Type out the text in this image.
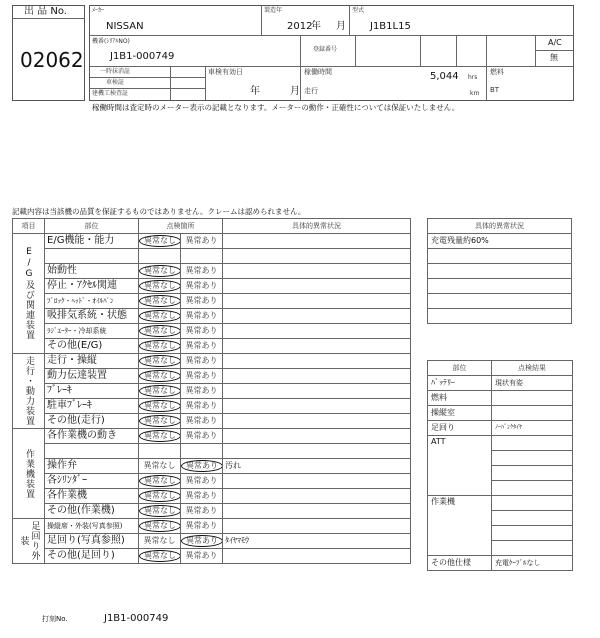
出 品 No.
02062
ﾒｰｶｰ
NISSAN
製造年
2012
年 月
型式
J1B1L15
機番(ｼﾘｱﾙNO)
J1B1-000749
登録番号
A/C
無
一時抹消証
車検証
建機工検査証
車検有効日
年	月
稼働時間	5,044 hrs
走行	km
燃料
BT
稼働時間は査定時のメーター表示の記載となります。メーターの動作・正確性については保証いたしません。
記載内容は当該機の品質を保証するものではありません。クレームは認められません。
項目	部位	点検箇所		具体的異常状況
E/G及び関連装置	E/G機能・能力	異常なし	異常あり	

	始動性	異常なし	異常あり	
	停止・ｱｸｾﾙ関連	異常なし	異常あり	
	ﾌﾞﾛｯｸ・ﾍｯﾄﾞ・ｵｲﾙﾊﾟﾝ	異常なし	異常あり	
	吸排気系統・状態	異常なし	異常あり	
	ﾗｼﾞｴｰﾀｰ・冷却系統	異常なし	異常あり	
	その他(E/G)	異常なし	異常あり	
走行・動力装置	走行・操縦	異常なし	異常あり	
	動力伝達装置	異常なし	異常あり	
	ﾌﾞﾚｰｷ	異常なし	異常あり	
	駐車ﾌﾞﾚｰｷ	異常なし	異常あり	
	その他(走行)	異常なし	異常あり	
作業機装置	各作業機の動き	異常なし	異常あり	

	操作弁	異常なし	異常あり	汚れ
	各ｼﾘﾝﾀﾞｰ	異常なし	異常あり	
	各作業機	異常なし	異常あり	
	その他(作業機)	異常なし	異常あり	
足回り外装	操縦席・外装(写真参照)	異常なし	異常あり	
	足回り(写真参照)	異常なし	異常あり	ﾀｲﾔﾏﾓｳ
	その他(足回り)	異常なし	異常あり	
具体的異常状況
充電残量約60%

部位	点検結果
ﾊﾞｯﾃﾘｰ	現状有姿
燃料	
操縦室	
足回り	ﾉｰﾊﾟﾝｸﾀｲﾔ
ATT	

作業機	

その他仕様	充電ｹｰﾌﾞﾙなし
打刻No.	J1B1-000749
